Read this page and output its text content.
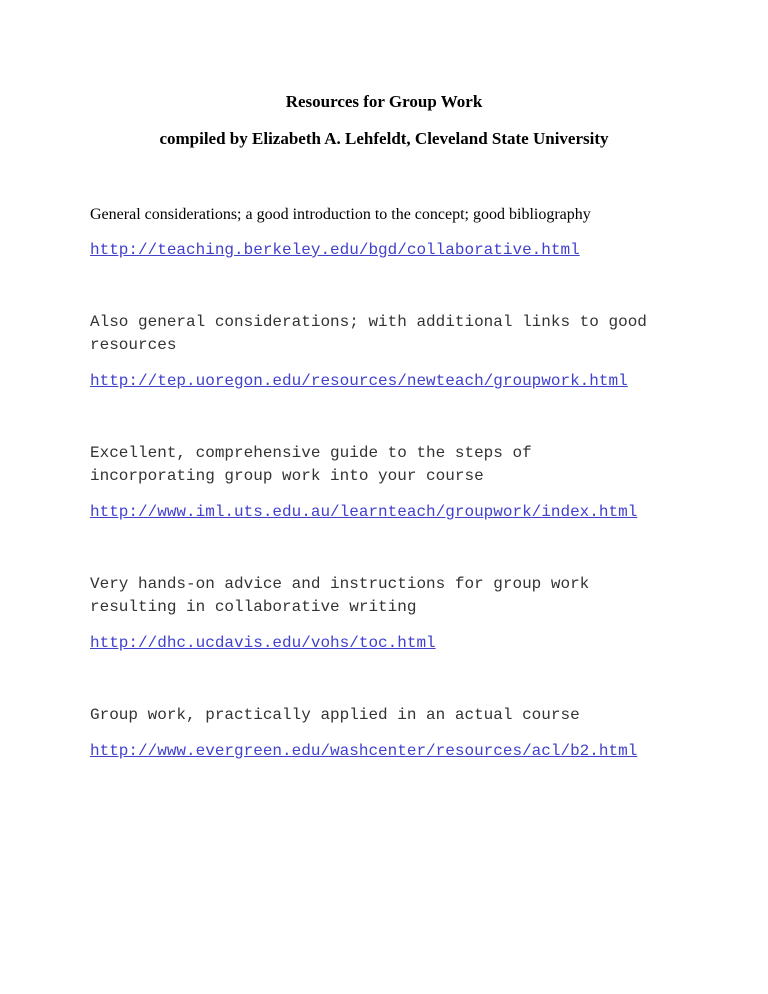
Resources for Group Work
compiled by Elizabeth A. Lehfeldt, Cleveland State University

General considerations; a good introduction to the concept; good bibliography

http://teaching.berkeley.edu/bgd/collaborative.html

Also general considerations; with additional links to good resources

http://tep.uoregon.edu/resources/newteach/groupwork.html

Excellent, comprehensive guide to the steps of incorporating group work into your course

http://www.iml.uts.edu.au/learnteach/groupwork/index.html

Very hands-on advice and instructions for group work resulting in collaborative writing

http://dhc.ucdavis.edu/vohs/toc.html

Group work, practically applied in an actual course

http://www.evergreen.edu/washcenter/resources/acl/b2.html
